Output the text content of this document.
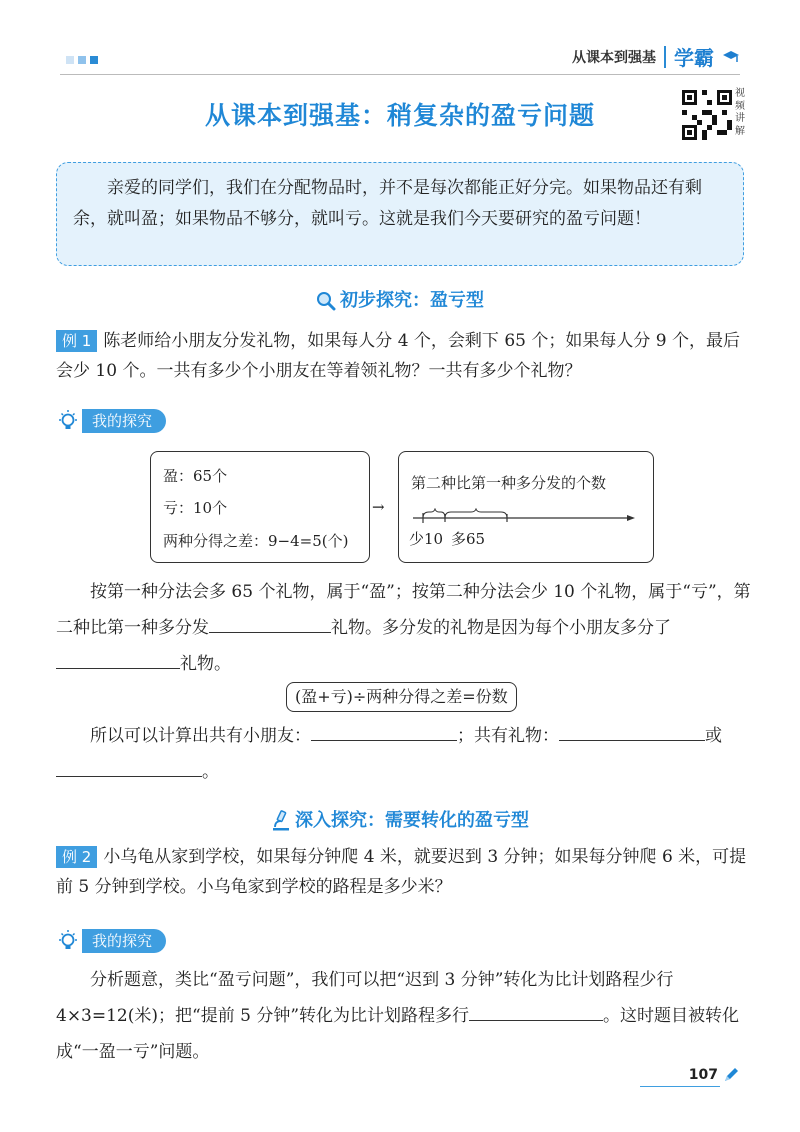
从课本到强基 学霸
从课本到强基：稍复杂的盈亏问题
视频讲解
亲爱的同学们，我们在分配物品时，并不是每次都能正好分完。如果物品还有剩余，就叫盈；如果物品不够分，就叫亏。这就是我们今天要研究的盈亏问题！
初步探究：盈亏型
例 1 陈老师给小朋友分发礼物，如果每人分 4 个，会剩下 65 个；如果每人分 9 个，最后会少 10 个。一共有多少个小朋友在等着领礼物？一共有多少个礼物？
我的探究
盈：65个
亏：10个
两种分得之差：9−4=5(个)
→
第二种比第一种多分发的个数
少10 多65
按第一种分法会多 65 个礼物，属于“盈”；按第二种分法会少 10 个礼物，属于“亏”，第二种比第一种多分发	礼物。多分发的礼物是因为每个小朋友多分了礼物。
(盈+亏)÷两种分得之差=份数
所以可以计算出共有小朋友：	；共有礼物：	或
。
深入探究：需要转化的盈亏型
例 2 小乌龟从家到学校，如果每分钟爬 4 米，就要迟到 3 分钟；如果每分钟爬 6 米，可提前 5 分钟到学校。小乌龟家到学校的路程是多少米？
我的探究
分析题意，类比“盈亏问题”，我们可以把“迟到 3 分钟”转化为比计划路程少行 4×3=12(米)；把“提前 5 分钟”转化为比计划路程多行	。这时题目被转化成“一盈一亏”问题。
107
